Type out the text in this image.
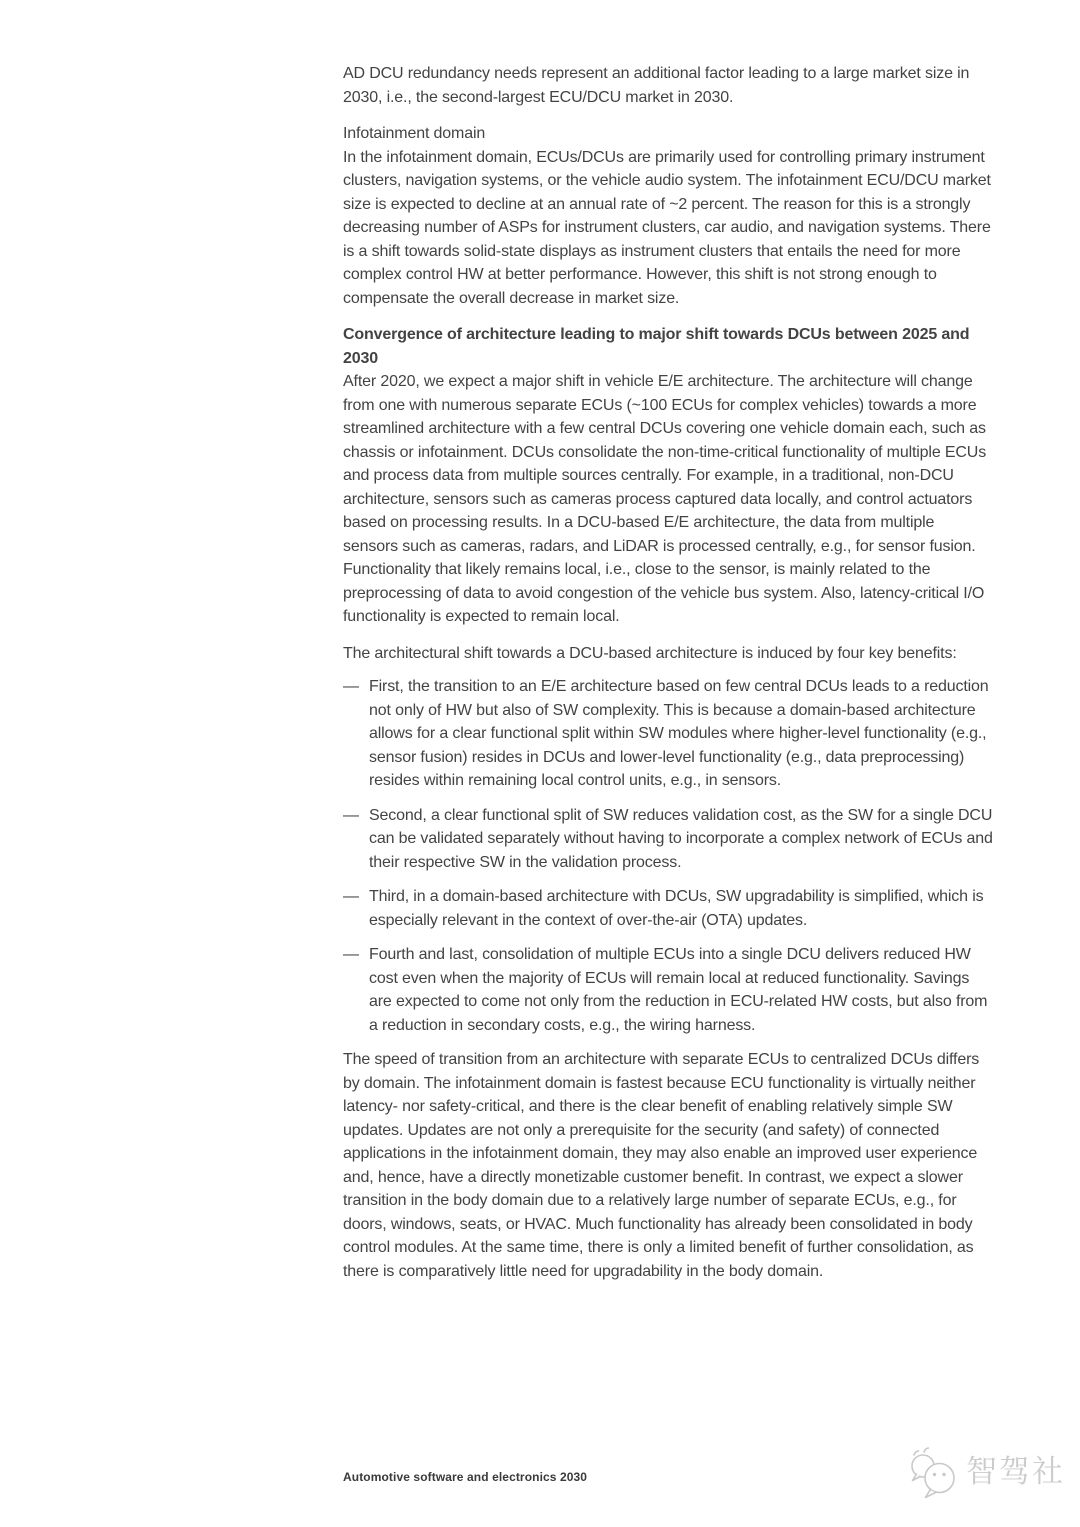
AD DCU redundancy needs represent an additional factor leading to a large market size in 2030, i.e., the second-largest ECU/DCU market in 2030.

Infotainment domain

In the infotainment domain, ECUs/DCUs are primarily used for controlling primary instrument clusters, navigation systems, or the vehicle audio system. The infotainment ECU/DCU market size is expected to decline at an annual rate of ~2 percent. The reason for this is a strongly decreasing number of ASPs for instrument clusters, car audio, and navigation systems. There is a shift towards solid-state displays as instrument clusters that entails the need for more complex control HW at better performance. However, this shift is not strong enough to compensate the overall decrease in market size.

Convergence of architecture leading to major shift towards DCUs between 2025 and 2030

After 2020, we expect a major shift in vehicle E/E architecture. The architecture will change from one with numerous separate ECUs (~100 ECUs for complex vehicles) towards a more streamlined architecture with a few central DCUs covering one vehicle domain each, such as chassis or infotainment. DCUs consolidate the non-time-critical functionality of multiple ECUs and process data from multiple sources centrally. For example, in a traditional, non-DCU architecture, sensors such as cameras process captured data locally, and control actuators based on processing results. In a DCU-based E/E architecture, the data from multiple sensors such as cameras, radars, and LiDAR is processed centrally, e.g., for sensor fusion. Functionality that likely remains local, i.e., close to the sensor, is mainly related to the preprocessing of data to avoid congestion of the vehicle bus system. Also, latency-critical I/O functionality is expected to remain local.

The architectural shift towards a DCU-based architecture is induced by four key benefits:

— First, the transition to an E/E architecture based on few central DCUs leads to a reduction not only of HW but also of SW complexity. This is because a domain-based architecture allows for a clear functional split within SW modules where higher-level functionality (e.g., sensor fusion) resides in DCUs and lower-level functionality (e.g., data preprocessing) resides within remaining local control units, e.g., in sensors.
— Second, a clear functional split of SW reduces validation cost, as the SW for a single DCU can be validated separately without having to incorporate a complex network of ECUs and their respective SW in the validation process.
— Third, in a domain-based architecture with DCUs, SW upgradability is simplified, which is especially relevant in the context of over-the-air (OTA) updates.
— Fourth and last, consolidation of multiple ECUs into a single DCU delivers reduced HW cost even when the majority of ECUs will remain local at reduced functionality. Savings are expected to come not only from the reduction in ECU-related HW costs, but also from a reduction in secondary costs, e.g., the wiring harness.

The speed of transition from an architecture with separate ECUs to centralized DCUs differs by domain. The infotainment domain is fastest because ECU functionality is virtually neither latency- nor safety-critical, and there is the clear benefit of enabling relatively simple SW updates. Updates are not only a prerequisite for the security (and safety) of connected applications in the infotainment domain, they may also enable an improved user experience and, hence, have a directly monetizable customer benefit. In contrast, we expect a slower transition in the body domain due to a relatively large number of separate ECUs, e.g., for doors, windows, seats, or HVAC. Much functionality has already been consolidated in body control modules. At the same time, there is only a limited benefit of further consolidation, as there is comparatively little need for upgradability in the body domain.

Automotive software and electronics 2030	智驾社
